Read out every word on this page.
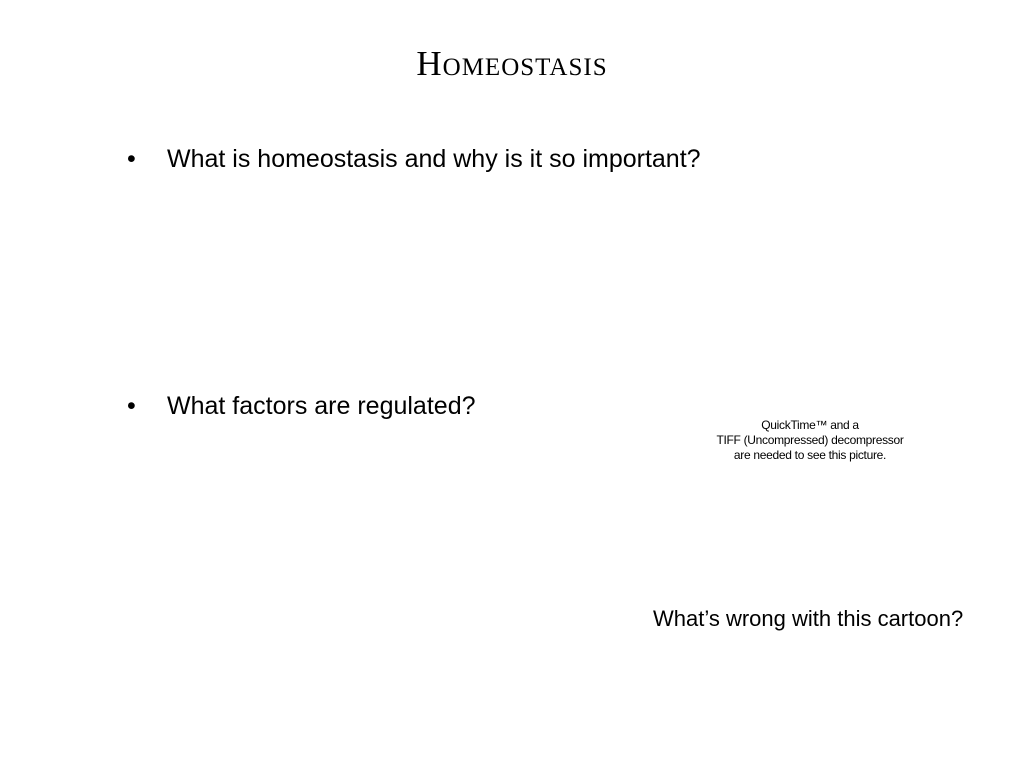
Homeostasis
• What is homeostasis and why is it so important?
• What factors are regulated?
QuickTime™ and a
TIFF (Uncompressed) decompressor
are needed to see this picture.
What’s wrong with this cartoon?
